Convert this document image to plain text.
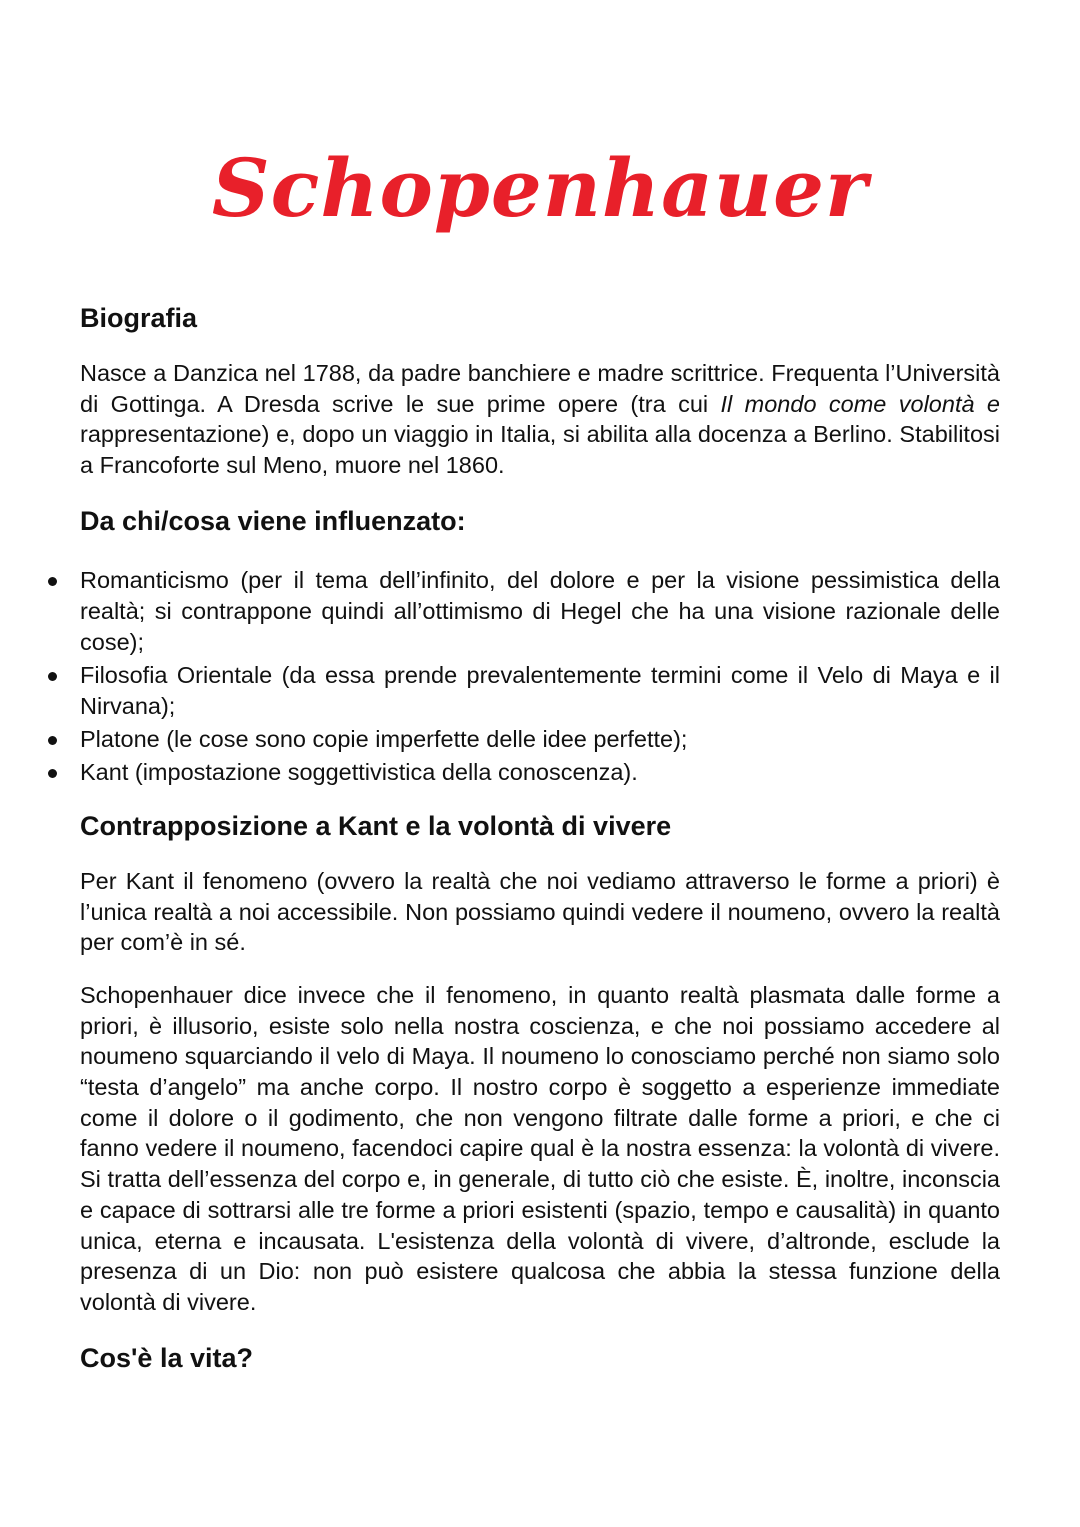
Schopenhauer
Biografia

Nasce a Danzica nel 1788, da padre banchiere e madre scrittrice. Frequenta l’Università di Gottinga. A Dresda scrive le sue prime opere (tra cui Il mondo come volontà e rappresentazione) e, dopo un viaggio in Italia, si abilita alla docenza a Berlino. Stabilitosi a Francoforte sul Meno, muore nel 1860.

Da chi/cosa viene influenzato:
Romanticismo (per il tema dell’infinito, del dolore e per la visione pessimistica della realtà; si contrappone quindi all’ottimismo di Hegel che ha una visione razionale delle cose);
Filosofia Orientale (da essa prende prevalentemente termini come il Velo di Maya e il Nirvana);
Platone (le cose sono copie imperfette delle idee perfette);
Kant (impostazione soggettivistica della conoscenza).
Contrapposizione a Kant e la volontà di vivere

Per Kant il fenomeno (ovvero la realtà che noi vediamo attraverso le forme a priori) è l’unica realtà a noi accessibile. Non possiamo quindi vedere il noumeno, ovvero la realtà per com’è in sé.

Schopenhauer dice invece che il fenomeno, in quanto realtà plasmata dalle forme a priori, è illusorio, esiste solo nella nostra coscienza, e che noi possiamo accedere al noumeno squarciando il velo di Maya. Il noumeno lo conosciamo perché non siamo solo “testa d’angelo” ma anche corpo. Il nostro corpo è soggetto a esperienze immediate come il dolore o il godimento, che non vengono filtrate dalle forme a priori, e che ci fanno vedere il noumeno, facendoci capire qual è la nostra essenza: la volontà di vivere. Si tratta dell’essenza del corpo e, in generale, di tutto ciò che esiste. È, inoltre, inconscia e capace di sottrarsi alle tre forme a priori esistenti (spazio, tempo e causalità) in quanto unica, eterna e incausata. L'esistenza della volontà di vivere, d’altronde, esclude la presenza di un Dio: non può esistere qualcosa che abbia la stessa funzione della volontà di vivere.

Cos'è la vita?
